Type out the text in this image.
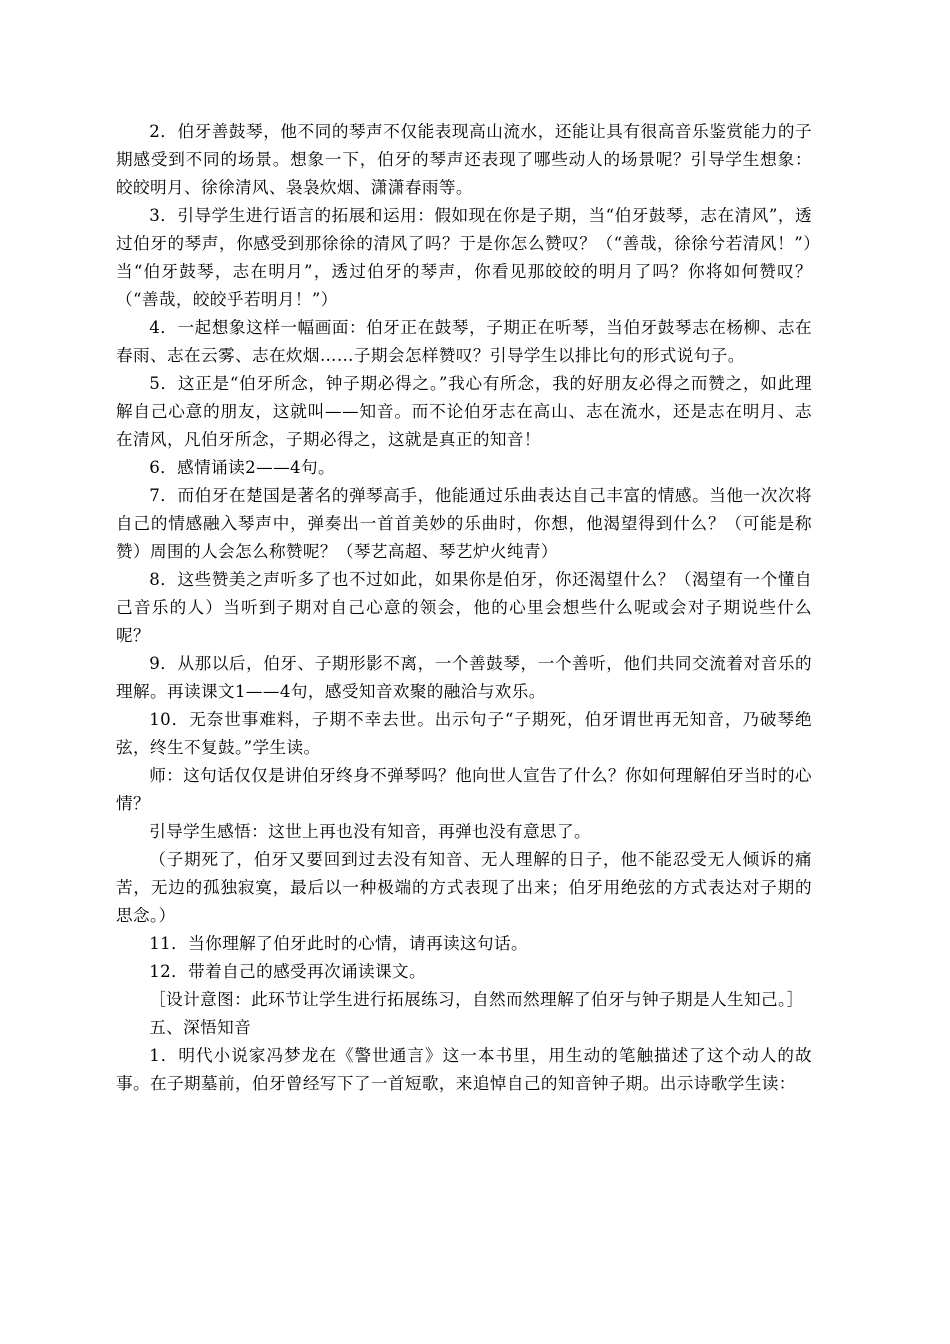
2．伯牙善鼓琴，他不同的琴声不仅能表现高山流水，还能让具有很高音乐鉴赏能力的子期感受到不同的场景。想象一下，伯牙的琴声还表现了哪些动人的场景呢？引导学生想象：皎皎明月、徐徐清风、袅袅炊烟、潇潇春雨等。

3．引导学生进行语言的拓展和运用：假如现在你是子期，当“伯牙鼓琴，志在清风”，透过伯牙的琴声，你感受到那徐徐的清风了吗？于是你怎么赞叹？（“善哉，徐徐兮若清风！”）当“伯牙鼓琴，志在明月”，透过伯牙的琴声，你看见那皎皎的明月了吗？你将如何赞叹？（“善哉，皎皎乎若明月！”）

4．一起想象这样一幅画面：伯牙正在鼓琴，子期正在听琴，当伯牙鼓琴志在杨柳、志在春雨、志在云雾、志在炊烟……子期会怎样赞叹？引导学生以排比句的形式说句子。

5．这正是“伯牙所念，钟子期必得之。”我心有所念，我的好朋友必得之而赞之，如此理解自己心意的朋友，这就叫——知音。而不论伯牙志在高山、志在流水，还是志在明月、志在清风，凡伯牙所念，子期必得之，这就是真正的知音！

6．感情诵读2——4句。

7．而伯牙在楚国是著名的弹琴高手，他能通过乐曲表达自己丰富的情感。当他一次次将自己的情感融入琴声中，弹奏出一首首美妙的乐曲时，你想，他渴望得到什么？（可能是称赞）周围的人会怎么称赞呢？（琴艺高超、琴艺炉火纯青）

8．这些赞美之声听多了也不过如此，如果你是伯牙，你还渴望什么？（渴望有一个懂自己音乐的人）当听到子期对自己心意的领会，他的心里会想些什么呢或会对子期说些什么呢？

9．从那以后，伯牙、子期形影不离，一个善鼓琴，一个善听，他们共同交流着对音乐的理解。再读课文1——4句，感受知音欢聚的融洽与欢乐。

10．无奈世事难料，子期不幸去世。出示句子“子期死，伯牙谓世再无知音，乃破琴绝弦，终生不复鼓。”学生读。

师：这句话仅仅是讲伯牙终身不弹琴吗？他向世人宣告了什么？你如何理解伯牙当时的心情？

引导学生感悟：这世上再也没有知音，再弹也没有意思了。

（子期死了，伯牙又要回到过去没有知音、无人理解的日子，他不能忍受无人倾诉的痛苦，无边的孤独寂寞，最后以一种极端的方式表现了出来；伯牙用绝弦的方式表达对子期的思念。）

11．当你理解了伯牙此时的心情，请再读这句话。

12．带着自己的感受再次诵读课文。

［设计意图：此环节让学生进行拓展练习，自然而然理解了伯牙与钟子期是人生知己。］

五、深悟知音

1．明代小说家冯梦龙在《警世通言》这一本书里，用生动的笔触描述了这个动人的故事。在子期墓前，伯牙曾经写下了一首短歌，来追悼自己的知音钟子期。出示诗歌学生读：
